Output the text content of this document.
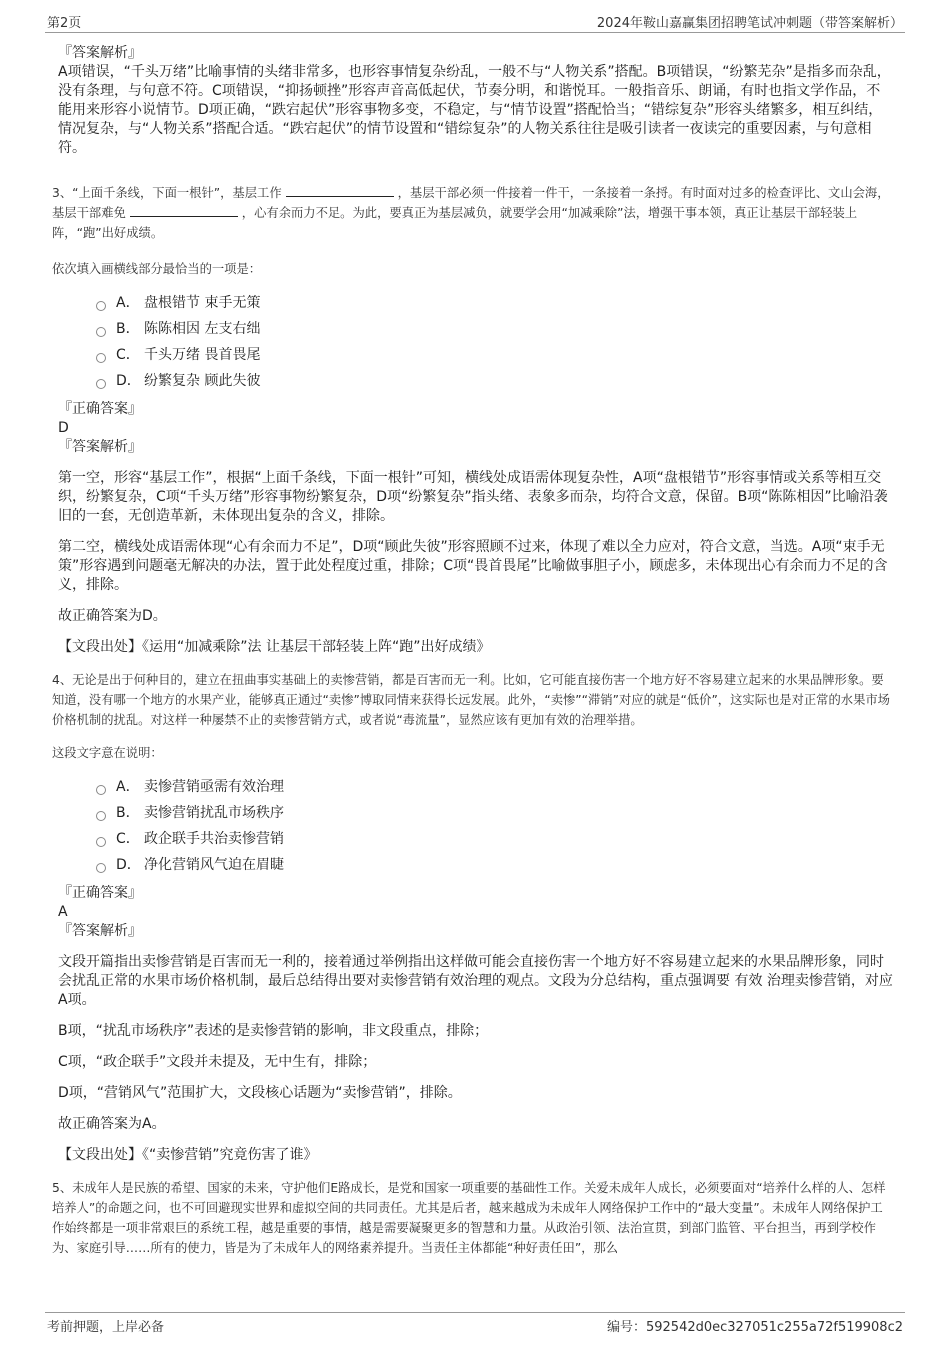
第2页	2024年鞍山嘉赢集团招聘笔试冲刺题（带答案解析）

『答案解析』

A项错误，“千头万绪”比喻事情的头绪非常多，也形容事情复杂纷乱，一般不与“人物关系”搭配。B项错误，“纷繁芜杂”是指多而杂乱，没有条理，与句意不符。C项错误，“抑扬顿挫”形容声音高低起伏，节奏分明，和谐悦耳。一般指音乐、朗诵，有时也指文学作品，不能用来形容小说情节。D项正确，“跌宕起伏”形容事物多变，不稳定，与“情节设置”搭配恰当；“错综复杂”形容头绪繁多，相互纠结，情况复杂，与“人物关系”搭配合适。“跌宕起伏”的情节设置和“错综复杂”的人物关系往往是吸引读者一夜读完的重要因素，与句意相符。

3、“上面千条线，下面一根针”，基层工作	，基层干部必须一件接着一件干，一条接着一条捋。有时面对过多的检查评比、文山会海，基层干部难免	，心有余而力不足。为此，要真正为基层减负，就要学会用“加减乘除”法，增强干事本领，真正让基层干部轻装上阵，“跑”出好成绩。

依次填入画横线部分最恰当的一项是：

A． 盘根错节 束手无策
B． 陈陈相因 左支右绌
C． 千头万绪 畏首畏尾
D． 纷繁复杂 顾此失彼

『正确答案』

D

『答案解析』

第一空，形容“基层工作”，根据“上面千条线，下面一根针”可知，横线处成语需体现复杂性，A项“盘根错节”形容事情或关系等相互交织，纷繁复杂，C项“千头万绪”形容事物纷繁复杂，D项“纷繁复杂”指头绪、表象多而杂，均符合文意，保留。B项“陈陈相因”比喻沿袭旧的一套，无创造革新，未体现出复杂的含义，排除。

第二空，横线处成语需体现“心有余而力不足”，D项“顾此失彼”形容照顾不过来，体现了难以全力应对，符合文意，当选。A项“束手无策”形容遇到问题毫无解决的办法，置于此处程度过重，排除；C项“畏首畏尾”比喻做事胆子小，顾虑多，未体现出心有余而力不足的含义，排除。

故正确答案为D。

【文段出处】《运用“加减乘除”法 让基层干部轻装上阵“跑”出好成绩》

4、无论是出于何种目的，建立在扭曲事实基础上的卖惨营销，都是百害而无一利。比如，它可能直接伤害一个地方好不容易建立起来的水果品牌形象。要知道，没有哪一个地方的水果产业，能够真正通过“卖惨”博取同情来获得长远发展。此外，“卖惨”“滞销”对应的就是“低价”，这实际也是对正常的水果市场价格机制的扰乱。对这样一种屡禁不止的卖惨营销方式，或者说“毒流量”，显然应该有更加有效的治理举措。

这段文字意在说明：

A． 卖惨营销亟需有效治理
B． 卖惨营销扰乱市场秩序
C． 政企联手共治卖惨营销
D． 净化营销风气迫在眉睫

『正确答案』

A

『答案解析』

文段开篇指出卖惨营销是百害而无一利的，接着通过举例指出这样做可能会直接伤害一个地方好不容易建立起来的水果品牌形象，同时会扰乱正常的水果市场价格机制，最后总结得出要对卖惨营销有效治理的观点。文段为分总结构，重点强调要 有效 治理卖惨营销，对应A项。

B项，“扰乱市场秩序”表述的是卖惨营销的影响，非文段重点，排除；

C项，“政企联手”文段并未提及，无中生有，排除；

D项，“营销风气”范围扩大，文段核心话题为“卖惨营销”，排除。

故正确答案为A。

【文段出处】《“卖惨营销”究竟伤害了谁》

5、未成年人是民族的希望、国家的未来，守护他们E路成长，是党和国家一项重要的基础性工作。关爱未成年人成长，必须要面对“培养什么样的人、怎样培养人”的命题之问，也不可回避现实世界和虚拟空间的共同责任。尤其是后者，越来越成为未成年人网络保护工作中的“最大变量”。未成年人网络保护工作始终都是一项非常艰巨的系统工程，越是重要的事情，越是需要凝聚更多的智慧和力量。从政治引领、法治宣贯，到部门监管、平台担当，再到学校作为、家庭引导……所有的使力，皆是为了未成年人的网络素养提升。当责任主体都能“种好责任田”，那么

考前押题，上岸必备	编号：592542d0ec327051c255a72f519908c2
